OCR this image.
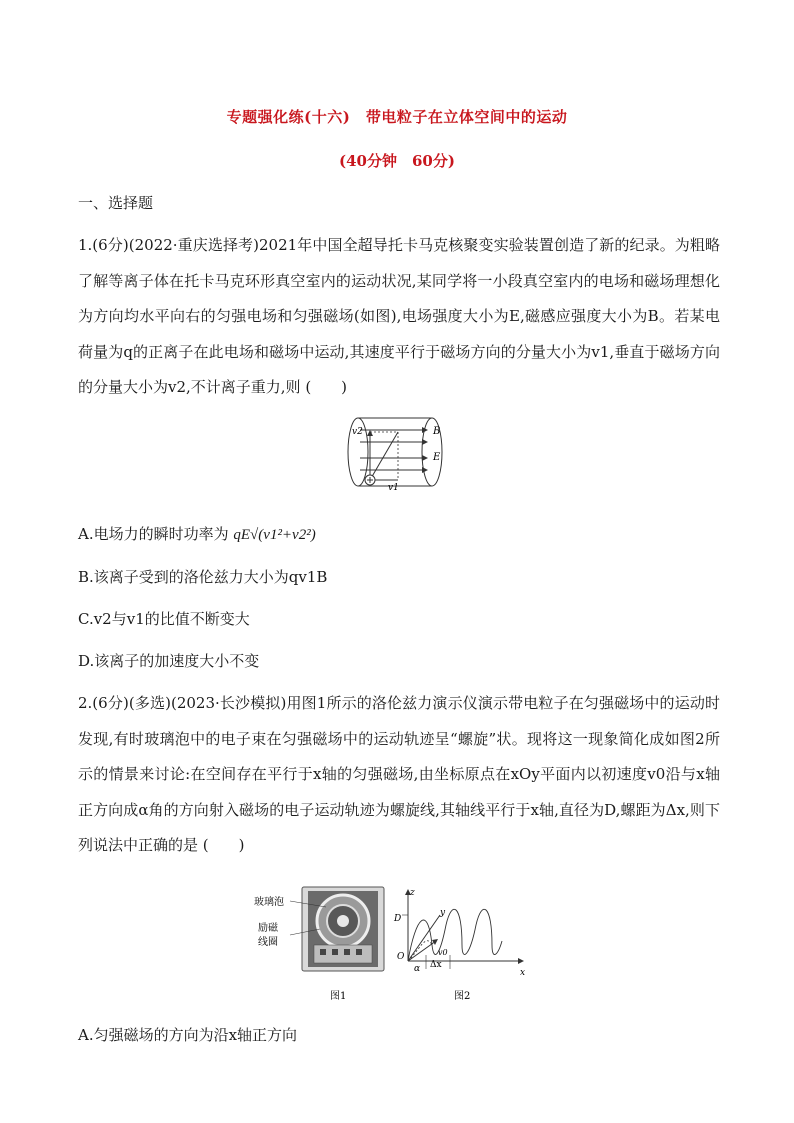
专题强化练(十六)　带电粒子在立体空间中的运动
(40分钟　60分)
一、选择题
1.(6分)(2022·重庆选择考)2021年中国全超导托卡马克核聚变实验装置创造了新的纪录。为粗略了解等离子体在托卡马克环形真空室内的运动状况,某同学将一小段真空室内的电场和磁场理想化为方向均水平向右的匀强电场和匀强磁场(如图),电场强度大小为E,磁感应强度大小为B。若某电荷量为q的正离子在此电场和磁场中运动,其速度平行于磁场方向的分量大小为v1,垂直于磁场方向的分量大小为v2,不计离子重力,则 (　　)
v2
v1
B
E
A.电场力的瞬时功率为 qE√(v1²+v2²)
B.该离子受到的洛伦兹力大小为qv1B
C.v2与v1的比值不断变大
D.该离子的加速度大小不变
2.(6分)(多选)(2023·长沙模拟)用图1所示的洛伦兹力演示仪演示带电粒子在匀强磁场中的运动时发现,有时玻璃泡中的电子束在匀强磁场中的运动轨迹呈“螺旋”状。现将这一现象简化成如图2所示的情景来讨论:在空间存在平行于x轴的匀强磁场,由坐标原点在xOy平面内以初速度v0沿与x轴正方向成α角的方向射入磁场的电子运动轨迹为螺旋线,其轴线平行于x轴,直径为D,螺距为Δx,则下列说法中正确的是 (　　)
玻璃泡
励磁
线圈
图1
z
y
x
O
D
v0
α Δx
图2
A.匀强磁场的方向为沿x轴正方向
